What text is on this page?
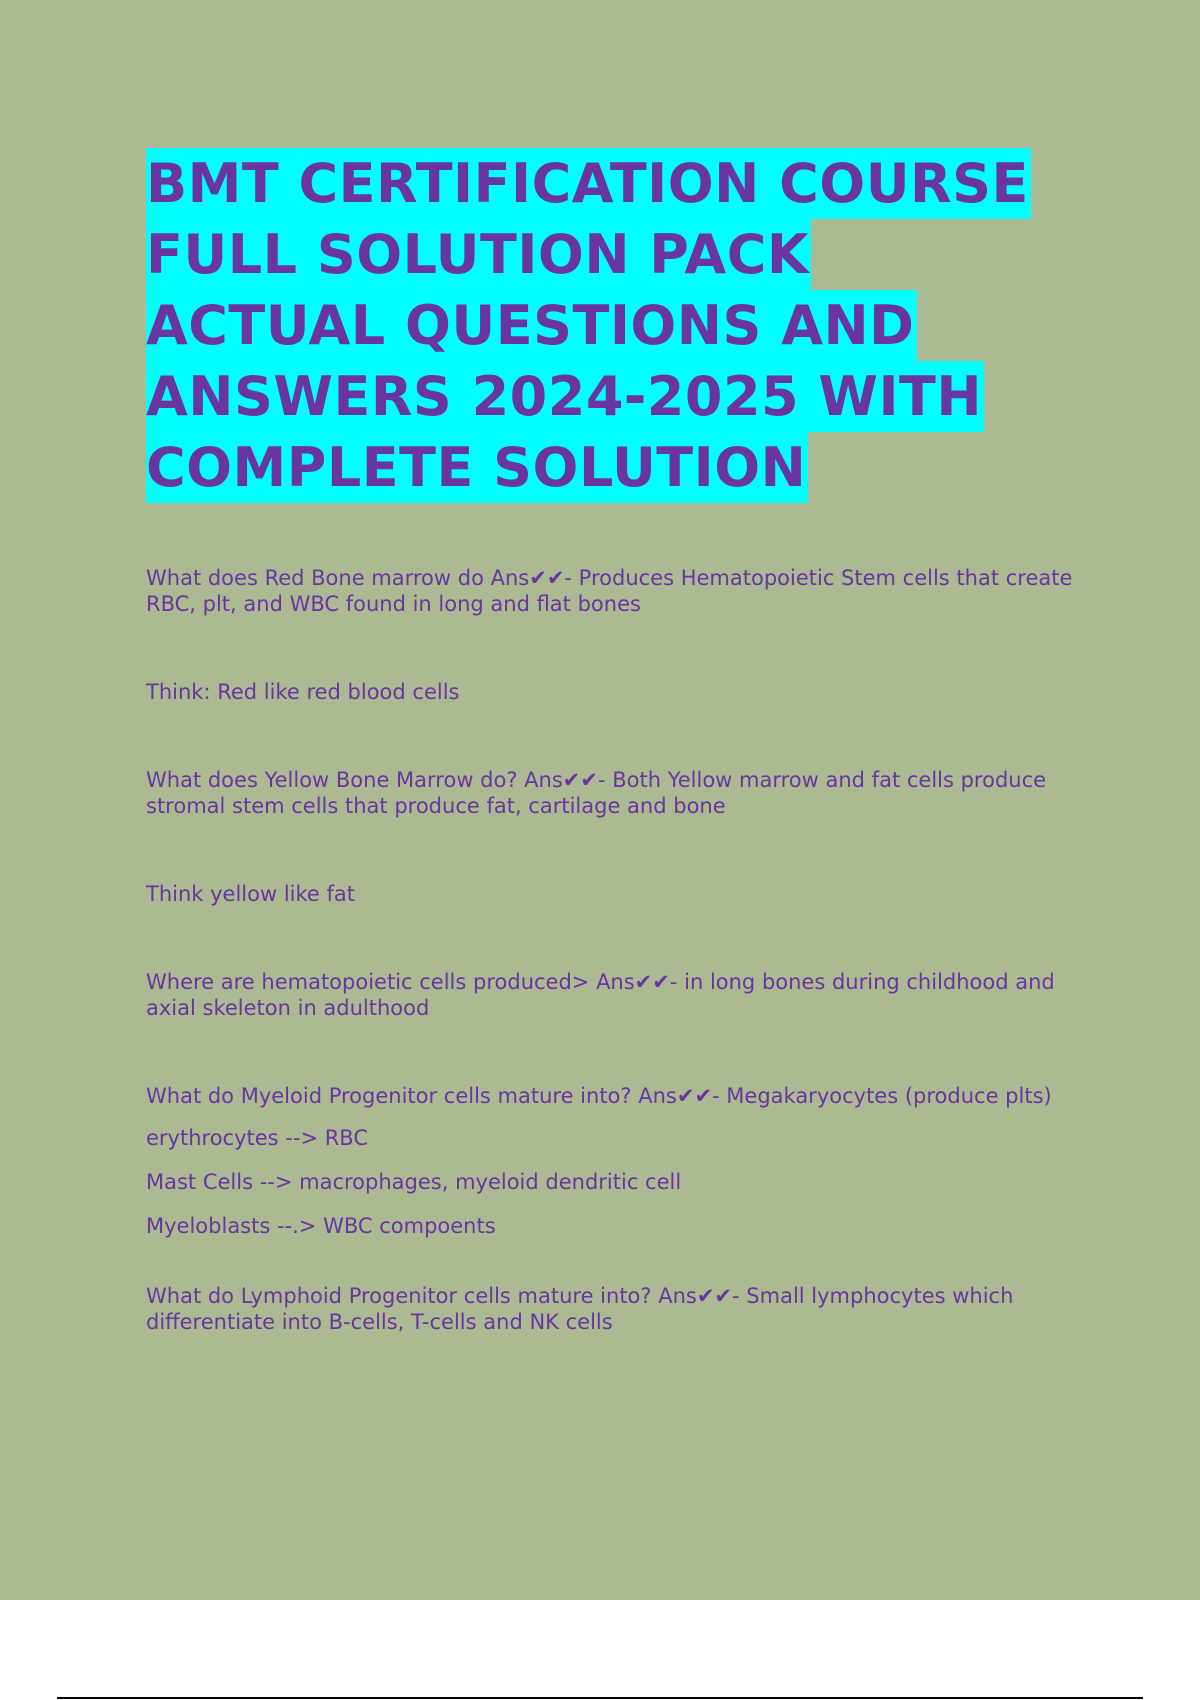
BMT CERTIFICATION COURSE
FULL SOLUTION PACK
ACTUAL QUESTIONS AND
ANSWERS 2024-2025 WITH
COMPLETE SOLUTION
What does Red Bone marrow do Ans✔✔- Produces Hematopoietic Stem cells that create RBC, plt, and WBC found in long and flat bones
Think: Red like red blood cells
What does Yellow Bone Marrow do? Ans✔✔- Both Yellow marrow and fat cells produce stromal stem cells that produce fat, cartilage and bone
Think yellow like fat
Where are hematopoietic cells produced> Ans✔✔- in long bones during childhood and axial skeleton in adulthood
What do Myeloid Progenitor cells mature into? Ans✔✔- Megakaryocytes (produce plts)
erythrocytes --> RBC
Mast Cells --> macrophages, myeloid dendritic cell
Myeloblasts --.> WBC compoents
What do Lymphoid Progenitor cells mature into? Ans✔✔- Small lymphocytes which differentiate into B-cells, T-cells and NK cells
